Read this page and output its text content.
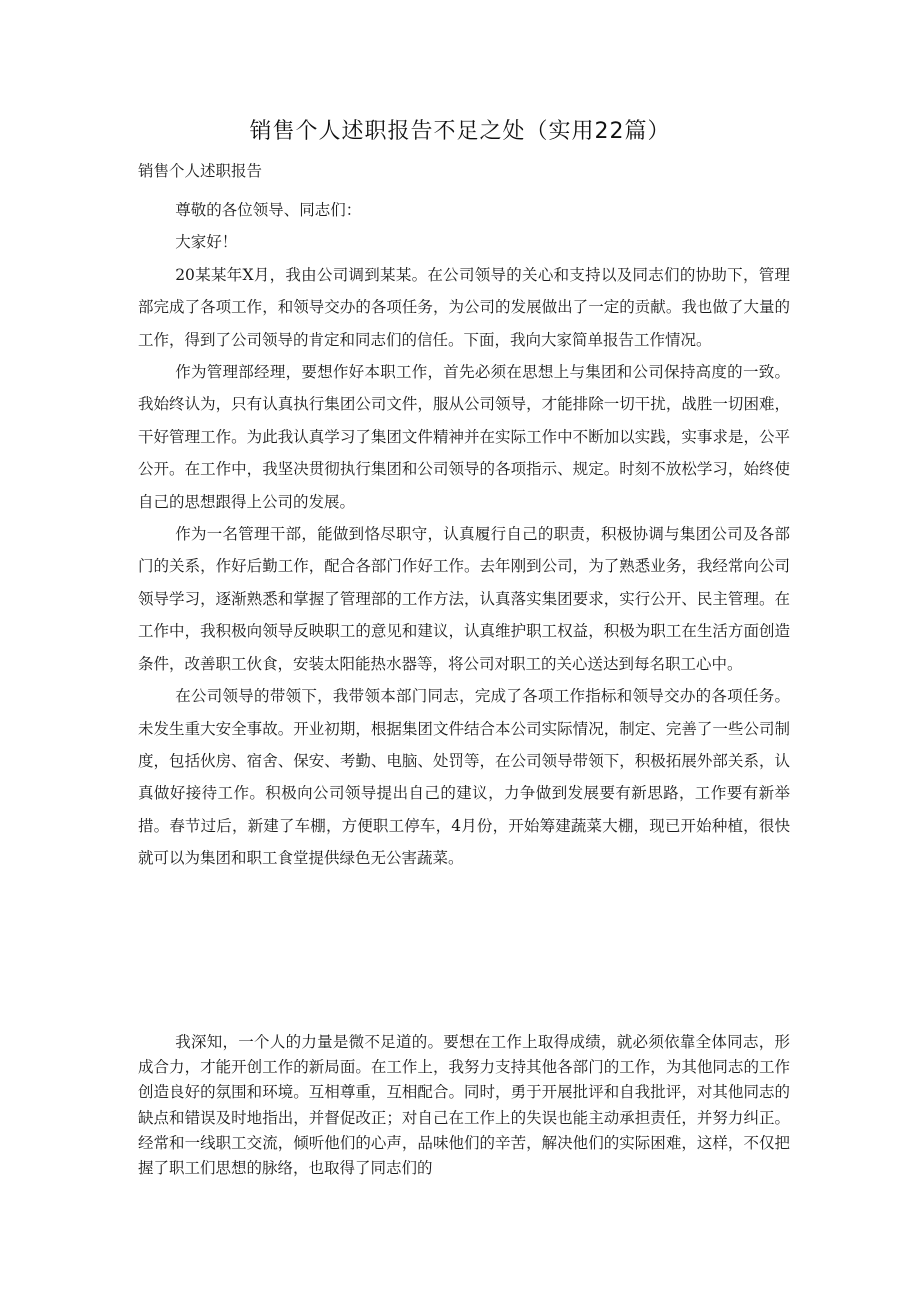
销售个人述职报告不足之处（实用22篇）
销售个人述职报告

尊敬的各位领导、同志们：

大家好！

20某某年X月，我由公司调到某某。在公司领导的关心和支持以及同志们的协助下，管理部完成了各项工作，和领导交办的各项任务，为公司的发展做出了一定的贡献。我也做了大量的工作，得到了公司领导的肯定和同志们的信任。下面，我向大家简单报告工作情况。

作为管理部经理，要想作好本职工作，首先必须在思想上与集团和公司保持高度的一致。我始终认为，只有认真执行集团公司文件，服从公司领导，才能排除一切干扰，战胜一切困难，干好管理工作。为此我认真学习了集团文件精神并在实际工作中不断加以实践，实事求是，公平公开。在工作中，我坚决贯彻执行集团和公司领导的各项指示、规定。时刻不放松学习，始终使自己的思想跟得上公司的发展。

作为一名管理干部，能做到恪尽职守，认真履行自己的职责，积极协调与集团公司及各部门的关系，作好后勤工作，配合各部门作好工作。去年刚到公司，为了熟悉业务，我经常向公司领导学习，逐渐熟悉和掌握了管理部的工作方法，认真落实集团要求，实行公开、民主管理。在工作中，我积极向领导反映职工的意见和建议，认真维护职工权益，积极为职工在生活方面创造条件，改善职工伙食，安装太阳能热水器等，将公司对职工的关心送达到每名职工心中。

在公司领导的带领下，我带领本部门同志，完成了各项工作指标和领导交办的各项任务。未发生重大安全事故。开业初期，根据集团文件结合本公司实际情况，制定、完善了一些公司制度，包括伙房、宿舍、保安、考勤、电脑、处罚等，在公司领导带领下，积极拓展外部关系，认真做好接待工作。积极向公司领导提出自己的建议，力争做到发展要有新思路，工作要有新举措。春节过后，新建了车棚，方便职工停车，4月份，开始筹建蔬菜大棚，现已开始种植，很快就可以为集团和职工食堂提供绿色无公害蔬菜。

我深知，一个人的力量是微不足道的。要想在工作上取得成绩，就必须依靠全体同志，形成合力，才能开创工作的新局面。在工作上，我努力支持其他各部门的工作，为其他同志的工作创造良好的氛围和环境。互相尊重，互相配合。同时，勇于开展批评和自我批评，对其他同志的缺点和错误及时地指出，并督促改正；对自己在工作上的失误也能主动承担责任，并努力纠正。经常和一线职工交流，倾听他们的心声，品味他们的辛苦，解决他们的实际困难，这样，不仅把握了职工们思想的脉络，也取得了同志们的
